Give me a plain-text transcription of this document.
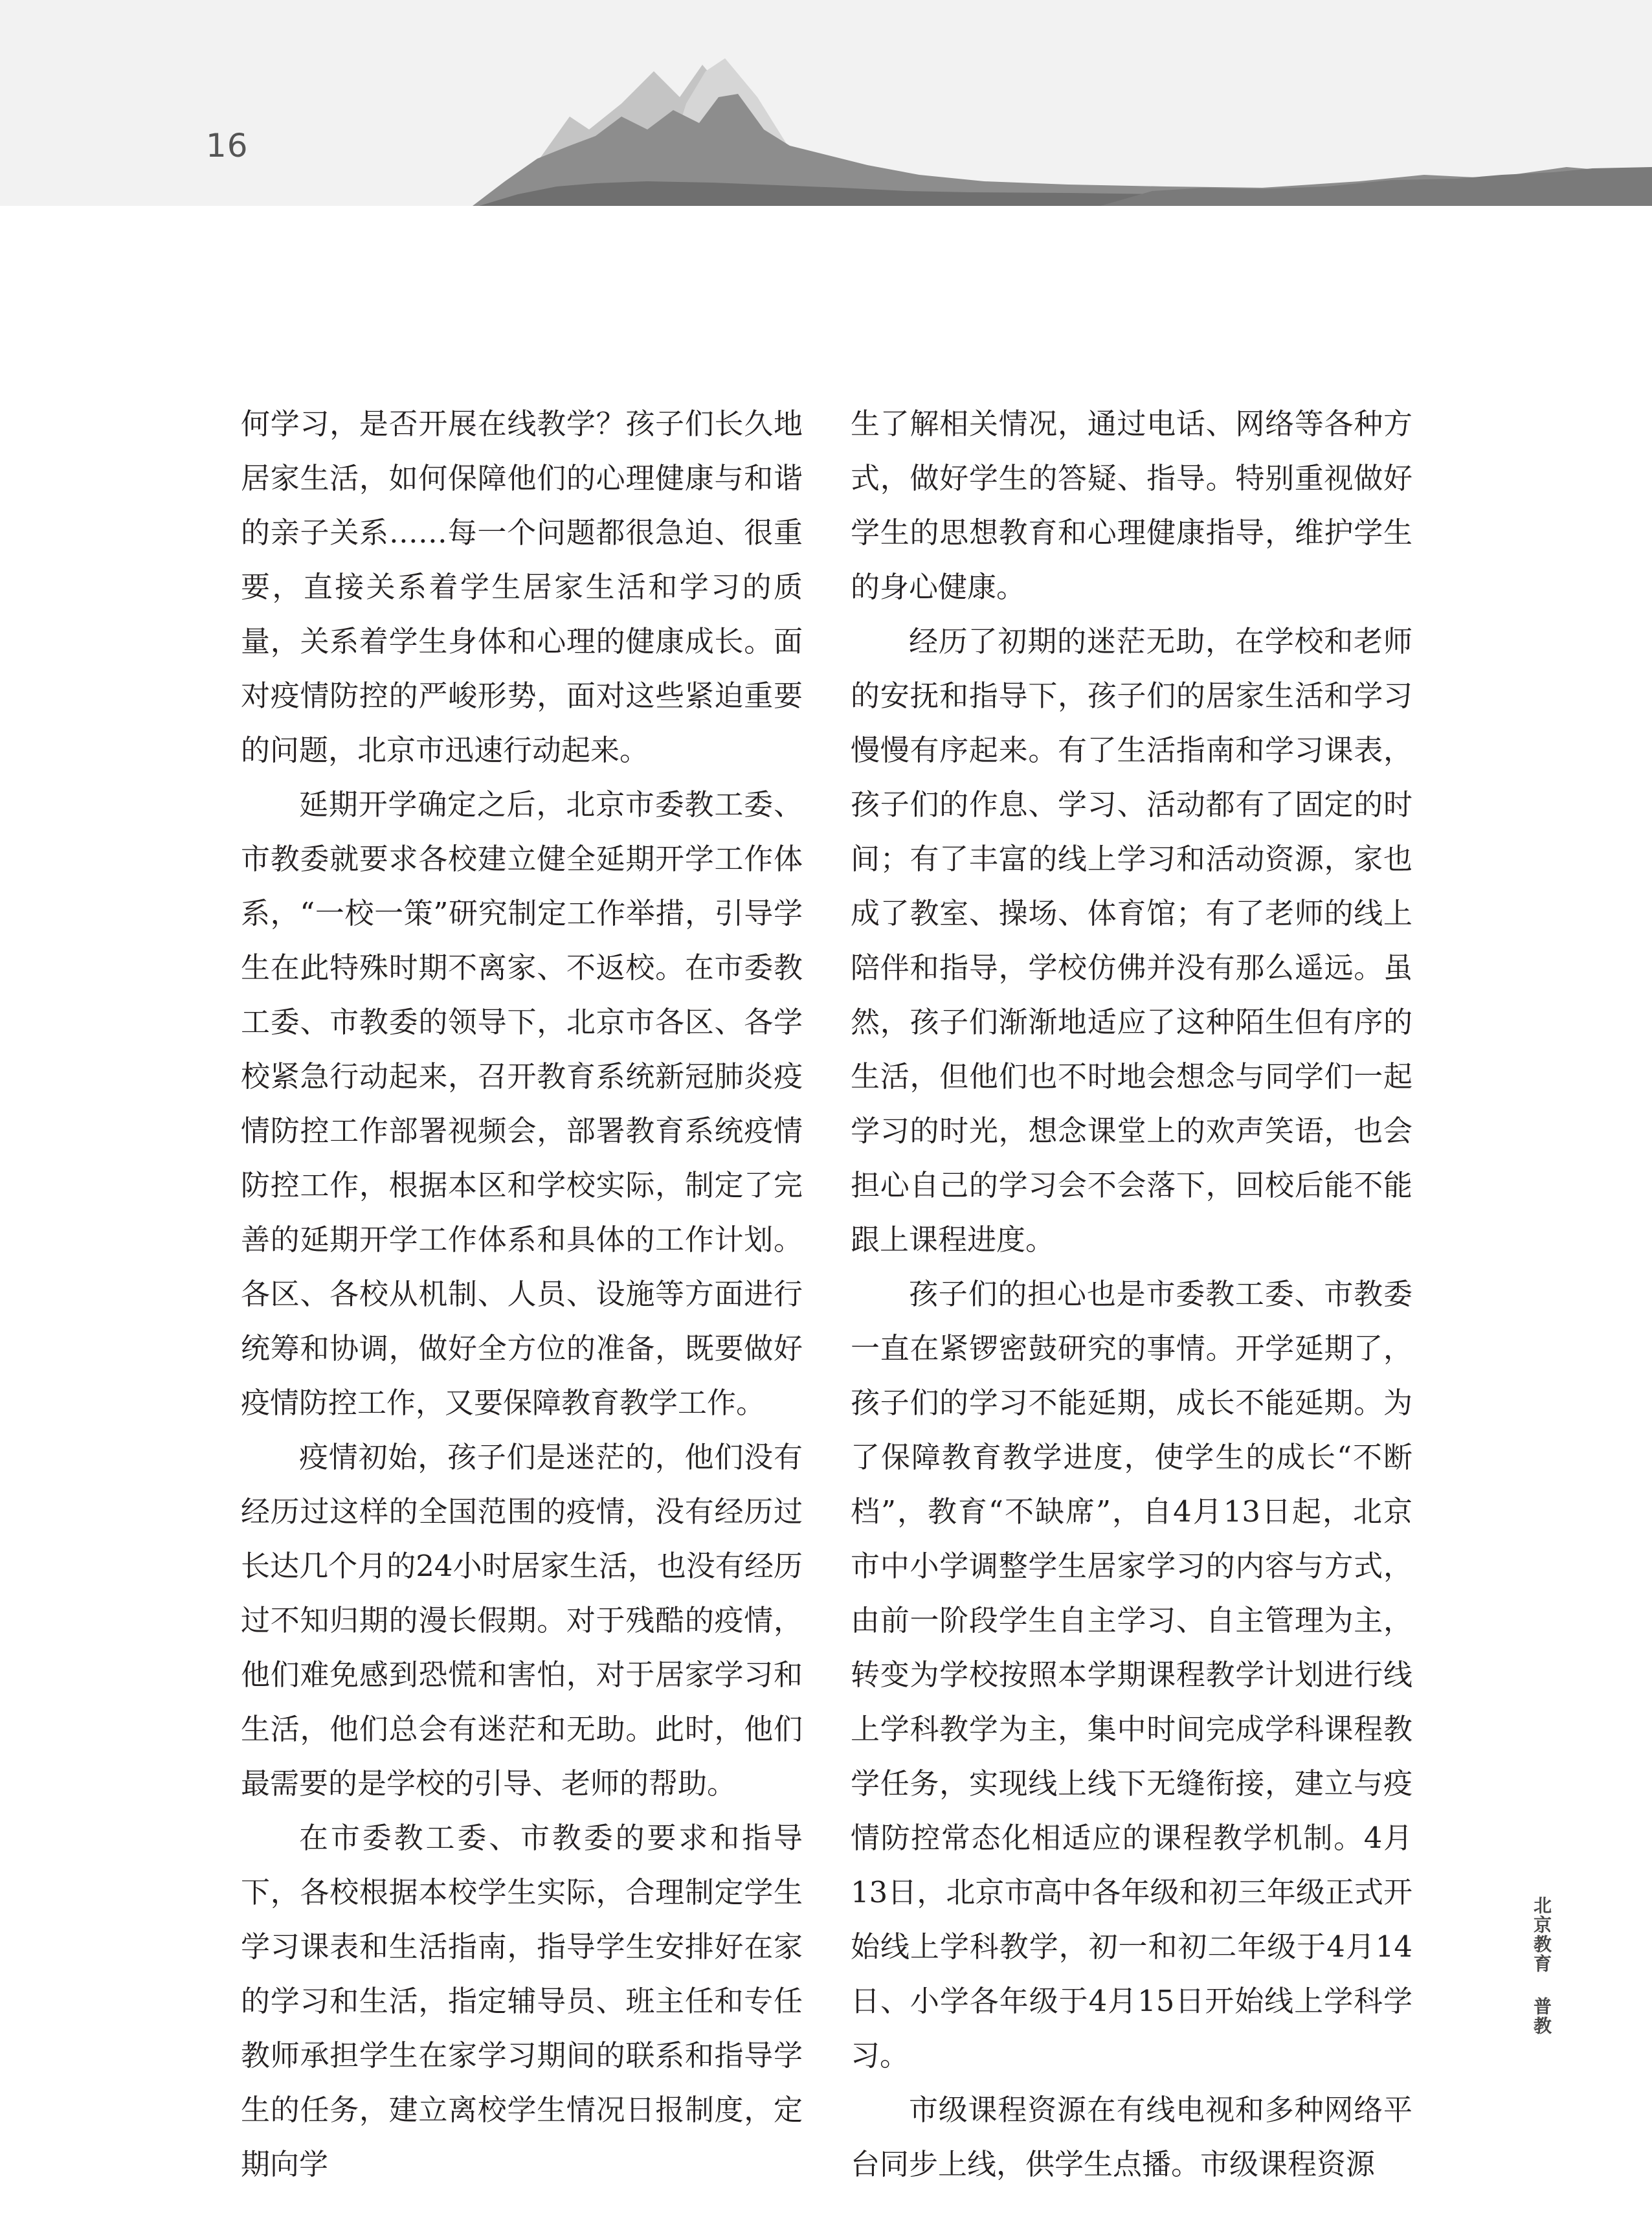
16

何学习，是否开展在线教学？孩子们长久地居家生活，如何保障他们的心理健康与和谐的亲子关系……每一个问题都很急迫、很重要，直接关系着学生居家生活和学习的质量，关系着学生身体和心理的健康成长。面对疫情防控的严峻形势，面对这些紧迫重要的问题，北京市迅速行动起来。

延期开学确定之后，北京市委教工委、市教委就要求各校建立健全延期开学工作体系，“一校一策”研究制定工作举措，引导学生在此特殊时期不离家、不返校。在市委教工委、市教委的领导下，北京市各区、各学校紧急行动起来，召开教育系统新冠肺炎疫情防控工作部署视频会，部署教育系统疫情防控工作，根据本区和学校实际，制定了完善的延期开学工作体系和具体的工作计划。各区、各校从机制、人员、设施等方面进行统筹和协调，做好全方位的准备，既要做好疫情防控工作，又要保障教育教学工作。

疫情初始，孩子们是迷茫的，他们没有经历过这样的全国范围的疫情，没有经历过长达几个月的24小时居家生活，也没有经历过不知归期的漫长假期。对于残酷的疫情，他们难免感到恐慌和害怕，对于居家学习和生活，他们总会有迷茫和无助。此时，他们最需要的是学校的引导、老师的帮助。

在市委教工委、市教委的要求和指导下，各校根据本校学生实际，合理制定学生学习课表和生活指南，指导学生安排好在家的学习和生活，指定辅导员、班主任和专任教师承担学生在家学习期间的联系和指导学生的任务，建立离校学生情况日报制度，定期向学

生了解相关情况，通过电话、网络等各种方式，做好学生的答疑、指导。特别重视做好学生的思想教育和心理健康指导，维护学生的身心健康。

经历了初期的迷茫无助，在学校和老师的安抚和指导下，孩子们的居家生活和学习慢慢有序起来。有了生活指南和学习课表，孩子们的作息、学习、活动都有了固定的时间；有了丰富的线上学习和活动资源，家也成了教室、操场、体育馆；有了老师的线上陪伴和指导，学校仿佛并没有那么遥远。虽然，孩子们渐渐地适应了这种陌生但有序的生活，但他们也不时地会想念与同学们一起学习的时光，想念课堂上的欢声笑语，也会担心自己的学习会不会落下，回校后能不能跟上课程进度。

孩子们的担心也是市委教工委、市教委一直在紧锣密鼓研究的事情。开学延期了，孩子们的学习不能延期，成长不能延期。为了保障教育教学进度，使学生的成长“不断档”，教育“不缺席”，自4月13日起，北京市中小学调整学生居家学习的内容与方式，由前一阶段学生自主学习、自主管理为主，转变为学校按照本学期课程教学计划进行线上学科教学为主，集中时间完成学科课程教学任务，实现线上线下无缝衔接，建立与疫情防控常态化相适应的课程教学机制。4月13日，北京市高中各年级和初三年级正式开始线上学科教学，初一和初二年级于4月14日、小学各年级于4月15日开始线上学科学习。

市级课程资源在有线电视和多种网络平台同步上线，供学生点播。市级课程资源

北京教育 普教
